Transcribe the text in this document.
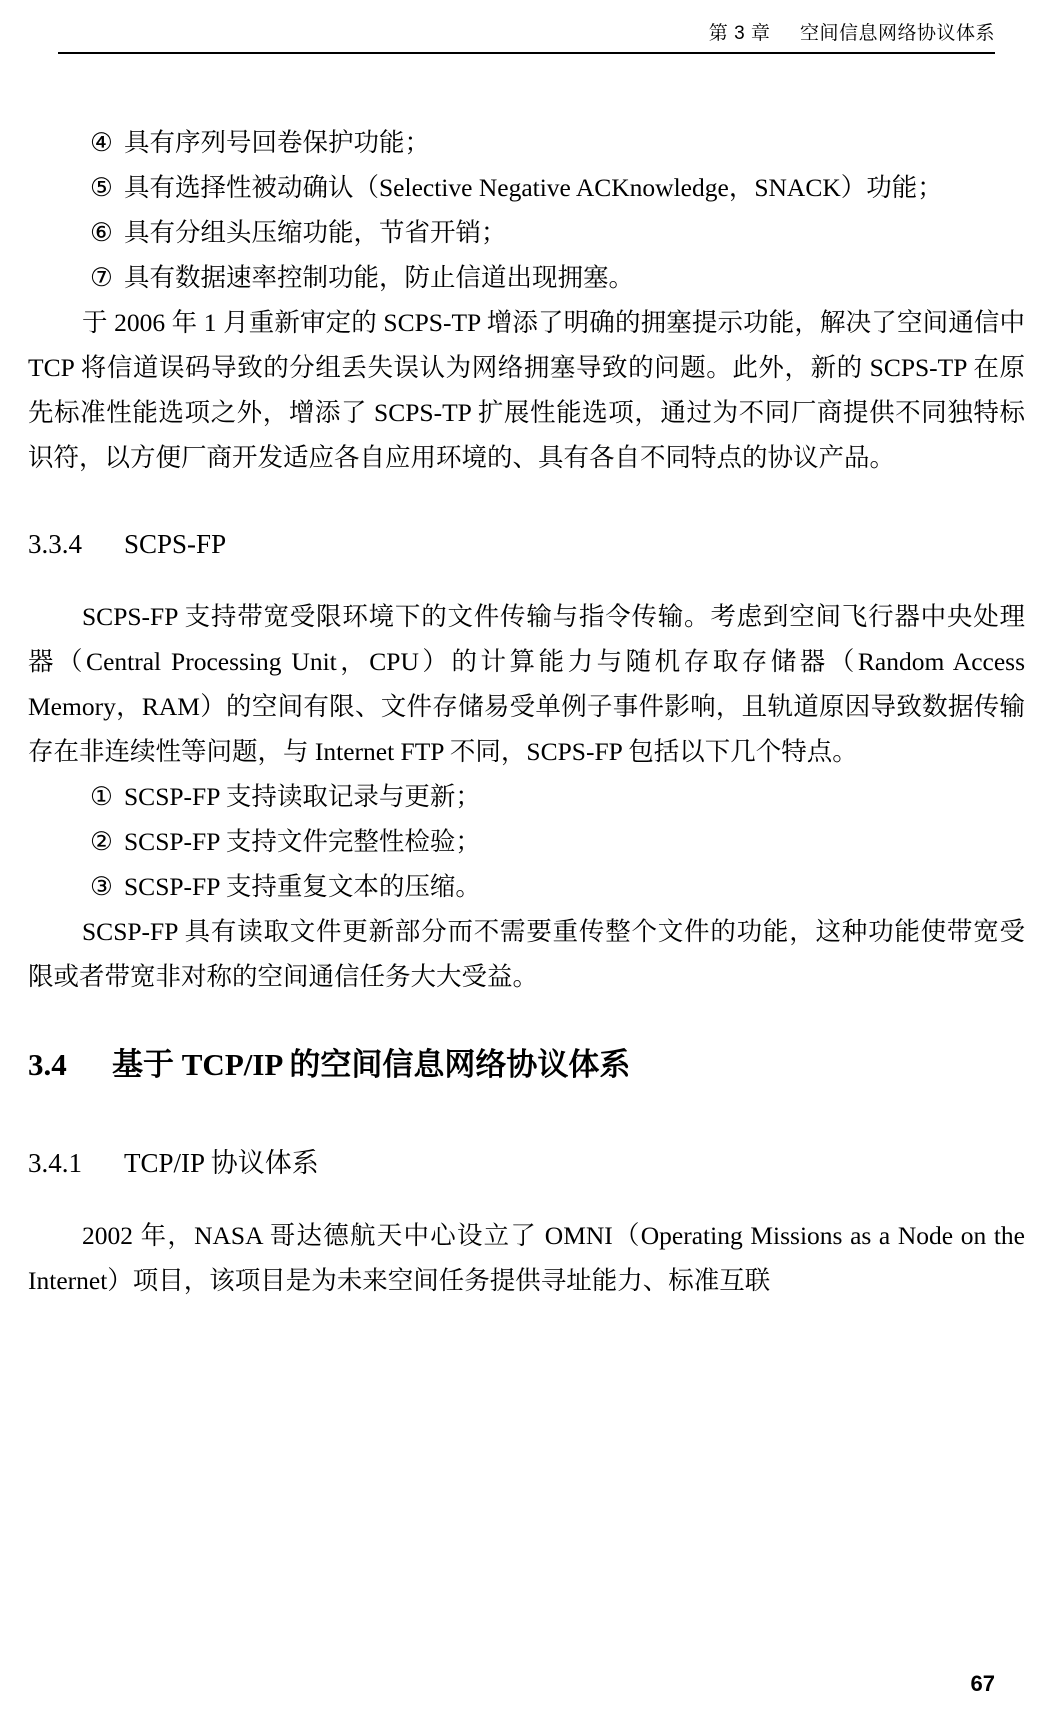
第 3 章 空间信息网络协议体系
④ 具有序列号回卷保护功能；
⑤ 具有选择性被动确认（Selective Negative ACKnowledge，SNACK）功能；
⑥ 具有分组头压缩功能，节省开销；
⑦ 具有数据速率控制功能，防止信道出现拥塞。

于 2006 年 1 月重新审定的 SCPS-TP 增添了明确的拥塞提示功能，解决了空间通信中 TCP 将信道误码导致的分组丢失误认为网络拥塞导致的问题。此外，新的 SCPS-TP 在原先标准性能选项之外，增添了 SCPS-TP 扩展性能选项，通过为不同厂商提供不同独特标识符，以方便厂商开发适应各自应用环境的、具有各自不同特点的协议产品。

3.3.4 SCPS-FP

SCPS-FP 支持带宽受限环境下的文件传输与指令传输。考虑到空间飞行器中央处理器（Central Processing Unit，CPU）的计算能力与随机存取存储器（Random Access Memory，RAM）的空间有限、文件存储易受单例子事件影响，且轨道原因导致数据传输存在非连续性等问题，与 Internet FTP 不同，SCPS-FP 包括以下几个特点。

① SCSP-FP 支持读取记录与更新；
② SCSP-FP 支持文件完整性检验；
③ SCSP-FP 支持重复文本的压缩。

SCSP-FP 具有读取文件更新部分而不需要重传整个文件的功能，这种功能使带宽受限或者带宽非对称的空间通信任务大大受益。

3.4 基于 TCP/IP 的空间信息网络协议体系
3.4.1 TCP/IP 协议体系

2002 年，NASA 哥达德航天中心设立了 OMNI（Operating Missions as a Node on the Internet）项目，该项目是为未来空间任务提供寻址能力、标准互联

67
